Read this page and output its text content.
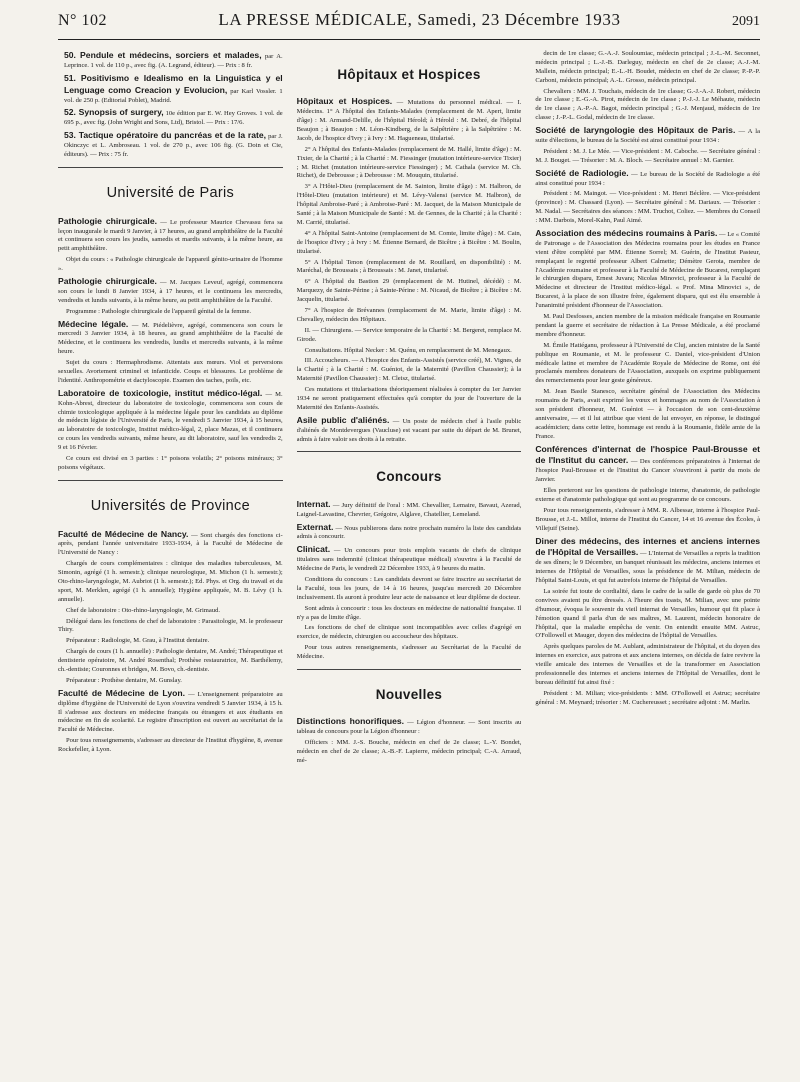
N° 102	LA PRESSE MÉDICALE, Samedi, 23 Décembre 1933	2091

50. Pendule et médecins, sorciers et malades, par A. Leprince. 1 vol. de 110 p., avec fig. (A. Legrand, éditeur). — Prix : 8 fr.

51. Positivismo e Idealismo en la Linguistica y el Lenguage como Creacion y Evolucion, par Karl Vossler. 1 vol. de 250 p. (Editorial Poblet), Madrid.

52. Synopsis of surgery, 10e édition par E. W. Hey Groves. 1 vol. de 695 p., avec fig. (John Wright and Sons, Ltd), Bristol. — Prix : 17/6.

53. Tactique opératoire du pancréas et de la rate, par J. Okinczyc et L. Ambroseau. 1 vol. de 270 p., avec 106 fig. (G. Doin et Cie, éditeurs). — Prix : 75 fr.

Université de Paris

Pathologie chirurgicale. — Le professeur Maurice Chevassu fera sa leçon inaugurale le mardi 9 Janvier, à 17 heures, au grand amphithéâtre de la Faculté et continuera son cours les jeudis, samedis et mardis suivants, à la même heure, au petit amphithéâtre.

Objet du cours : « Pathologie chirurgicale de l'appareil génito-urinaire de l'homme ».

Pathologie chirurgicale. — M. Jacques Leveuf, agrégé, commencera son cours le lundi 8 Janvier 1934, à 17 heures, et le continuera les mercredis, vendredis et lundis suivants, à la même heure, au petit amphithéâtre de la Faculté.

Programme : Pathologie chirurgicale de l'appareil génital de la femme.

Médecine légale. — M. Piédelièvre, agrégé, commencera son cours le mercredi 3 Janvier 1934, à 18 heures, au grand amphithéâtre de la Faculté de Médecine, et le continuera les vendredis, lundis et mercredis suivants, à la même heure.

Sujet du cours : Hermaphrodisme. Attentats aux mœurs. Viol et perversions sexuelles. Avortement criminel et infanticide. Coups et blessures. Le problème de l'identité. Anthropométrie et dactyloscopie. Examen des taches, poils, etc.

Laboratoire de toxicologie, institut médico-légal. — M. Kohn-Abrest, directeur du laboratoire de toxicologie, commencera son cours de chimie toxicologique appliquée à la médecine légale pour les candidats au diplôme de médecin légiste de l'Université de Paris, le vendredi 5 Janvier 1934, à 15 heures, au laboratoire de toxicologie, Institut médico-légal, 2, place Mazas, et il continuera ce cours les vendredis suivants, même heure, au dit laboratoire, sauf les vendredis 2, 9 et 16 Février.

Ce cours est divisé en 3 parties : 1° poisons volatils; 2° poisons minéraux; 3° poisons végétaux.

Universités de Province

Faculté de Médecine de Nancy. — Sont chargés des fonctions ci-après, pendant l'année universitaire 1933-1934, à la Faculté de Médecine de l'Université de Nancy :

Chargés de cours complémentaires : clinique des maladies tuberculeuses, M. Simonin, agrégé (1 h. semestr.); clinique neurologique, M. Michon (1 h. semestr.); Oto-rhino-laryngologie, M. Aubriot (1 h. semestr.); Ed. Phys. et Org. du travail et du sport, M. Merklen, agrégé (1 h. annuelle); Hygiène appliquée, M. B. Lévy (1 h. annuelle).

Chef de laboratoire : Oto-rhino-laryngologie, M. Grimaud.

Délégué dans les fonctions de chef de laboratoire : Parasitologie, M. le professeur Thiry.

Préparateur : Radiologie, M. Grau, à l'Institut dentaire.

Chargés de cours (1 h. annuelle) : Pathologie dentaire, M. André; Thérapeutique et dentisterie opératoire, M. André Rosenthal; Prothèse restauratrice, M. Barthélemy, ch.-dentiste; Couronnes et bridges, M. Bovo, ch.-dentiste.

Préparateur : Prothèse dentaire, M. Gunslay.

Faculté de Médecine de Lyon. — L'enseignement préparatoire au diplôme d'hygiène de l'Université de Lyon s'ouvrira vendredi 5 Janvier 1934, à 15 h. Il s'adresse aux docteurs en médecine français ou étrangers et aux étudiants en médecine en fin de scolarité. Le registre d'inscription est ouvert au secrétariat de la Faculté de Médecine.

Pour tous renseignements, s'adresser au directeur de l'Institut d'hygiène, 8, avenue Rockefeller, à Lyon.

Hôpitaux et Hospices

Hôpitaux et Hospices. — Mutations du personnel médical. — I. Médecins. 1° A l'hôpital des Enfants-Malades (remplacement de M. Apert, limite d'âge) : M. Armand-Delille, de l'hôpital Hérold; à Hérold : M. Debré, de l'hôpital Beaujon ; à Beaujon : M. Léon-Kindberg, de la Salpêtrière ; à la Salpêtrière : M. Jacob, de l'hospice d'Ivry ; à Ivry : M. Hagueneau, titularisé.

2° A l'hôpital des Enfants-Malades (remplacement de M. Hallé, limite d'âge) : M. Tixier, de la Charité ; à la Charité : M. Fiessinger (mutation intérieure-service Tixier) ; M. Richet (mutation intérieure-service Fiessinger) ; M. Cathala (service M. Ch. Richet), de Debrousse ; à Debrousse : M. Mouquin, titularisé.

3° A l'Hôtel-Dieu (remplacement de M. Sainton, limite d'âge) : M. Halbron, de l'Hôtel-Dieu (mutation intérieure) et M. Lévy-Valensi (service M. Halbron), de l'hôpital Ambroise-Paré ; à Ambroise-Paré : M. Jacquet, de la Maison Municipale de Santé ; à la Maison Municipale de Santé : M. de Gennes, de la Charité ; à la Charité : M. Carrié, titularisé.

4° A l'hôpital Saint-Antoine (remplacement de M. Comte, limite d'âge) : M. Cain, de l'hospice d'Ivry ; à Ivry : M. Étienne Bernard, de Bicêtre ; à Bicêtre : M. Boulin, titularisé.

5° A l'hôpital Tenon (remplacement de M. Rouillard, en disponibilité) : M. Maréchal, de Broussais ; à Broussais : M. Janet, titularisé.

6° A l'hôpital du Bastion 29 (remplacement de M. Hutinel, décédé) : M. Marquezy, de Sainte-Périne ; à Sainte-Périne : M. Nicaud, de Bicêtre ; à Bicêtre : M. Jacquelin, titularisé.

7° A l'hospice de Brévannes (remplacement de M. Marie, limite d'âge) : M. Chevalley, médecin des Hôpitaux.

II. — Chirurgiens. — Service temporaire de la Charité : M. Bergeret, remplace M. Girode.

Consultations. Hôpital Necker : M. Quénu, en remplacement de M. Menegaux.

III. Accoucheurs. — A l'hospice des Enfants-Assistés (service créé), M. Vignes, de la Charité ; à la Charité : M. Guéniot, de la Maternité (Pavillon Chaussier); à la Maternité (Pavillon Chaussier) : M. Cleisz, titularisé.

Ces mutations et titularisations théoriquement réalisées à compter du 1er Janvier 1934 ne seront pratiquement effectuées qu'à compter du jour de l'ouverture de la Maternité des Enfants-Assistés.

Asile public d'aliénés. — Un poste de médecin chef à l'asile public d'aliénés de Montdevergues (Vaucluse) est vacant par suite du départ de M. Brunet, admis à faire valoir ses droits à la retraite.

Concours

Internat. — Jury définitif de l'oral : MM. Chevallier, Lemaire, Bavaut, Azerad, Laignel-Lavastine, Chevrier, Grégoire, Alglave, Chatellier, Lemeland.

Externat. — Nous publierons dans notre prochain numéro la liste des candidats admis à concourir.

Clinicat. — Un concours pour trois emplois vacants de chefs de clinique titulaires sans indemnité (clinicat thérapeutique médical) s'ouvrira à la Faculté de Médecine de Paris, le vendredi 22 Décembre 1933, à 9 heures du matin.

Conditions du concours : Les candidats devront se faire inscrire au secrétariat de la Faculté, tous les jours, de 14 à 16 heures, jusqu'au mercredi 20 Décembre inclusivement. Ils auront à produire leur acte de naissance et leur diplôme de docteur.

Sont admis à concourir : tous les docteurs en médecine de nationalité française. Il n'y a pas de limite d'âge.

Les fonctions de chef de clinique sont incompatibles avec celles d'agrégé en exercice, de médecin, chirurgien ou accoucheur des hôpitaux.

Pour tous autres renseignements, s'adresser au Secrétariat de la Faculté de Médecine.

Nouvelles

Distinctions honorifiques. — Légion d'honneur. — Sont inscrits au tableau de concours pour la Légion d'honneur :

Officiers : MM. J.-S. Bouche, médecin en chef de 2e classe; L.-Y. Bondet, médecin en chef de 2e classe; A.-B.-F. Lapierre, médecin principal; C.-A. Arraud, mé-

decin de 1re classe; G.-A.-J. Souloumiac, médecin principal ; J.-L.-M. Seconnet, médecin principal ; L.-J.-B. Darleguy, médecin en chef de 2e classe; A.-J.-M. Mallein, médecin principal; E.-L.-H. Boudet, médecin en chef de 2e classe; P.-P.-P. Carboni, médecin principal; A.-L. Grosso, médecin principal.

Chevaliers : MM. J. Touchais, médecin de 1re classe; G.-J.-A.-J. Robert, médecin de 1re classe ; E.-G.-A. Pirot, médecin de 1re classe ; P.-J.-J. Le Méhaute, médecin de 1re classe ; A.-P.-A. Bagot, médecin principal ; G.-J. Menjaud, médecin de 1re classe ; J.-P.-L. Godal, médecin de 1re classe.

Société de laryngologie des Hôpitaux de Paris. — A la suite d'élections, le bureau de la Société est ainsi constitué pour 1934 :

Président : M. J. Le Mée. — Vice-président : M. Caboche. — Secrétaire général : M. J. Bouget. — Trésorier : M. A. Bloch. — Secrétaire annuel : M. Garnier.

Société de Radiologie. — Le bureau de la Société de Radiologie a été ainsi constitué pour 1934 :

Président : M. Maingot. — Vice-président : M. Henri Béclère. — Vice-président (province) : M. Chassard (Lyon). — Secrétaire général : M. Dariaux. — Trésorier : M. Nadal. — Secrétaires des séances : MM. Truchot, Coliez. — Membres du Conseil : MM. Darbois, Morel-Kahn, Paul Aimé.

Association des médecins roumains à Paris. — Le « Comité de Patronage » de l'Association des Médecins roumains pour les études en France vient d'être complété par MM. Étienne Sorrel; M. Guérin, de l'Institut Pasteur, remplaçant le regretté professeur Albert Calmette; Démètre Gerota, membre de l'Académie roumaine et professeur à la Faculté de Médecine de Bucarest, remplaçant le chirurgien disparu, Ernest Juvara; Nicolas Minovici, professeur à la Faculté de Médecine et directeur de l'Institut médico-légal. « Prof. Mina Minovici », de Bucarest, à la place de son illustre frère, également disparu, qui est élu ensemble à l'unanimité président d'honneur de l'Association.

M. Paul Desfosses, ancien membre de la mission médicale française en Roumanie pendant la guerre et secrétaire de rédaction à La Presse Médicale, a été proclamé membre d'honneur.

M. Émile Hatiéganu, professeur à l'Université de Cluj, ancien ministre de la Santé publique en Roumanie, et M. le professeur C. Daniel, vice-président d'Union médicale latine et membre de l'Académie Royale de Médecine de Rome, ont été proclamés membres donateurs de l'Association, auxquels on exprime publiquement des remerciements pour leur geste généreux.

M. Jean Basile Stanesco, secrétaire général de l'Association des Médecins roumains de Paris, avait exprimé les vœux et hommages au nom de l'Association à son président d'honneur, M. Guéniot — à l'occasion de son cent-deuxième anniversaire, — et il lui attribue que vient de lui envoyer, en réponse, le distingué académicien; dans cette lettre, hommage est rendu à la Roumanie, fidèle amie de la France.

Conférences d'internat de l'hospice Paul-Brousse et de l'Institut du cancer. — Des conférences préparatoires à l'internat de l'hospice Paul-Brousse et de l'Institut du Cancer s'ouvriront à partir du mois de Janvier.

Elles porteront sur les questions de pathologie interne, d'anatomie, de pathologie externe et d'anatomie pathologique qui sont au programme de ce concours.

Pour tous renseignements, s'adresser à MM. R. Albessar, interne à l'hospice Paul-Brousse, et J.-L. Millot, interne de l'Institut du Cancer, 14 et 16 avenue des Écoles, à Villejuif (Seine).

Diner des médecins, des internes et anciens internes de l'Hôpital de Versailles. — L'Internat de Versailles a repris la tradition de ses dîners; le 9 Décembre, un banquet réunissait les médecins, anciens internes et internes de l'Hôpital de Versailles, sous la présidence de M. Milian, médecin de l'hôpital Saint-Louis, et qui fut autrefois interne de l'hôpital de Versailles.

La soirée fut toute de cordialité, dans le cadre de la salle de garde où plus de 70 convives avaient pu être dressés. A l'heure des toasts, M. Milian, avec une pointe d'humour, évoqua le souvenir du vieil internat de Versailles, humour qui fit place à l'émotion quand il parla d'un de ses maîtres, M. Laurent, médecin honoraire de l'hôpital, que la maladie empêcha de venir. On entendit ensuite MM. Astruc, O'Followell et Mauger, doyen des médecins de l'hôpital de Versailles.

Après quelques paroles de M. Aublant, administrateur de l'hôpital, et du doyen des internes en exercice, aux patrons et aux anciens internes, on décida de faire revivre la vieille amicale des internes de Versailles et de la transformer en Association professionnelle des internes et anciens internes de l'Hôpital de Versailles, dont le bureau définitif fut ainsi fixé :

Président : M. Milian; vice-présidents : MM. O'Followell et Astruc; secrétaire général : M. Meynard; trésorier : M. Cuchereusset ; secrétaire adjoint : M. Marlin.
